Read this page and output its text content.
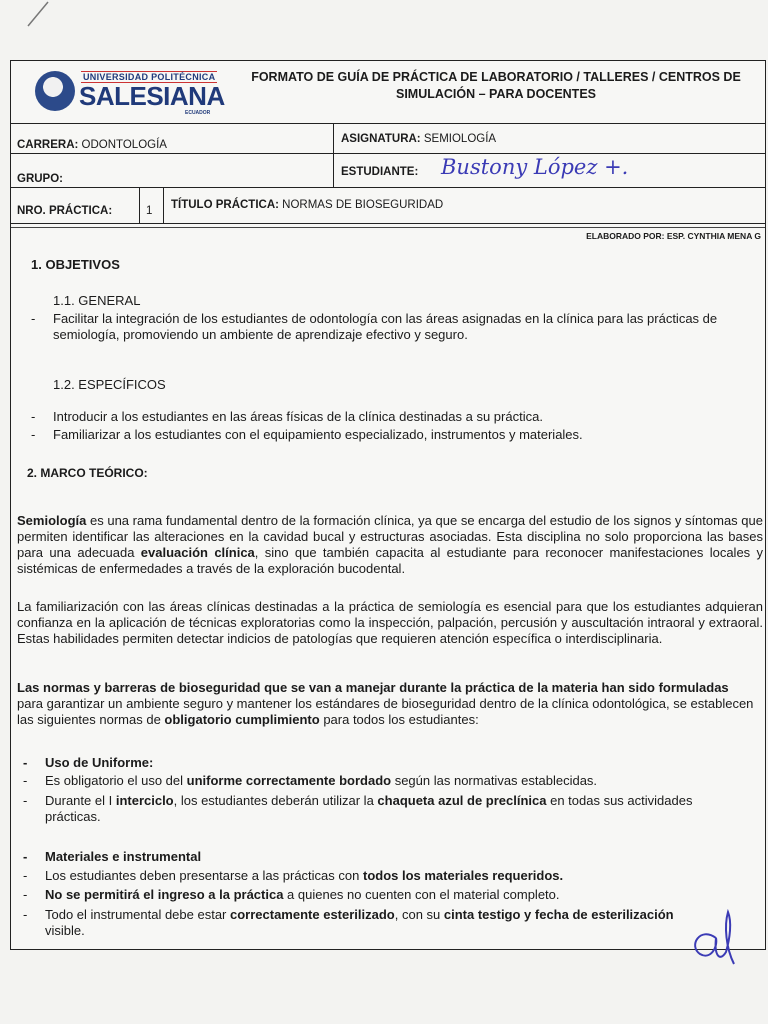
UNIVERSIDAD POLITÉCNICA
SALESIANA
ECUADOR
FORMATO DE GUÍA DE PRÁCTICA DE LABORATORIO / TALLERES / CENTROS DE SIMULACIÓN – PARA DOCENTES
CARRERA: ODONTOLOGÍA	ASIGNATURA: SEMIOLOGÍA
GRUPO:
ESTUDIANTE: Bustony López +.
NRO. PRÁCTICA:	1 TÍTULO PRÁCTICA: NORMAS DE BIOSEGURIDAD
ELABORADO POR: ESP. CYNTHIA MENA G
1. OBJETIVOS
1.1. GENERAL
- Facilitar la integración de los estudiantes de odontología con las áreas asignadas en la clínica para las prácticas de semiología, promoviendo un ambiente de aprendizaje efectivo y seguro.
1.2. ESPECÍFICOS
- Introducir a los estudiantes en las áreas físicas de la clínica destinadas a su práctica.
- Familiarizar a los estudiantes con el equipamiento especializado, instrumentos y materiales.
2. MARCO TEÓRICO:
Semiología es una rama fundamental dentro de la formación clínica, ya que se encarga del estudio de los signos y síntomas que permiten identificar las alteraciones en la cavidad bucal y estructuras asociadas. Esta disciplina no solo proporciona las bases para una adecuada evaluación clínica, sino que también capacita al estudiante para reconocer manifestaciones locales y sistémicas de enfermedades a través de la exploración bucodental.
La familiarización con las áreas clínicas destinadas a la práctica de semiología es esencial para que los estudiantes adquieran confianza en la aplicación de técnicas exploratorias como la inspección, palpación, percusión y auscultación intraoral y extraoral. Estas habilidades permiten detectar indicios de patologías que requieren atención específica o interdisciplinaria.
Las normas y barreras de bioseguridad que se van a manejar durante la práctica de la materia han sido formuladas para garantizar un ambiente seguro y mantener los estándares de bioseguridad dentro de la clínica odontológica, se establecen las siguientes normas de obligatorio cumplimiento para todos los estudiantes:
- Uso de Uniforme:
- Es obligatorio el uso del uniforme correctamente bordado según las normativas establecidas.
- Durante el I interciclo, los estudiantes deberán utilizar la chaqueta azul de preclínica en todas sus actividades prácticas.
- Materiales e instrumental
- Los estudiantes deben presentarse a las prácticas con todos los materiales requeridos.
- No se permitirá el ingreso a la práctica a quienes no cuenten con el material completo.
- Todo el instrumental debe estar correctamente esterilizado, con su cinta testigo y fecha de esterilización visible.
